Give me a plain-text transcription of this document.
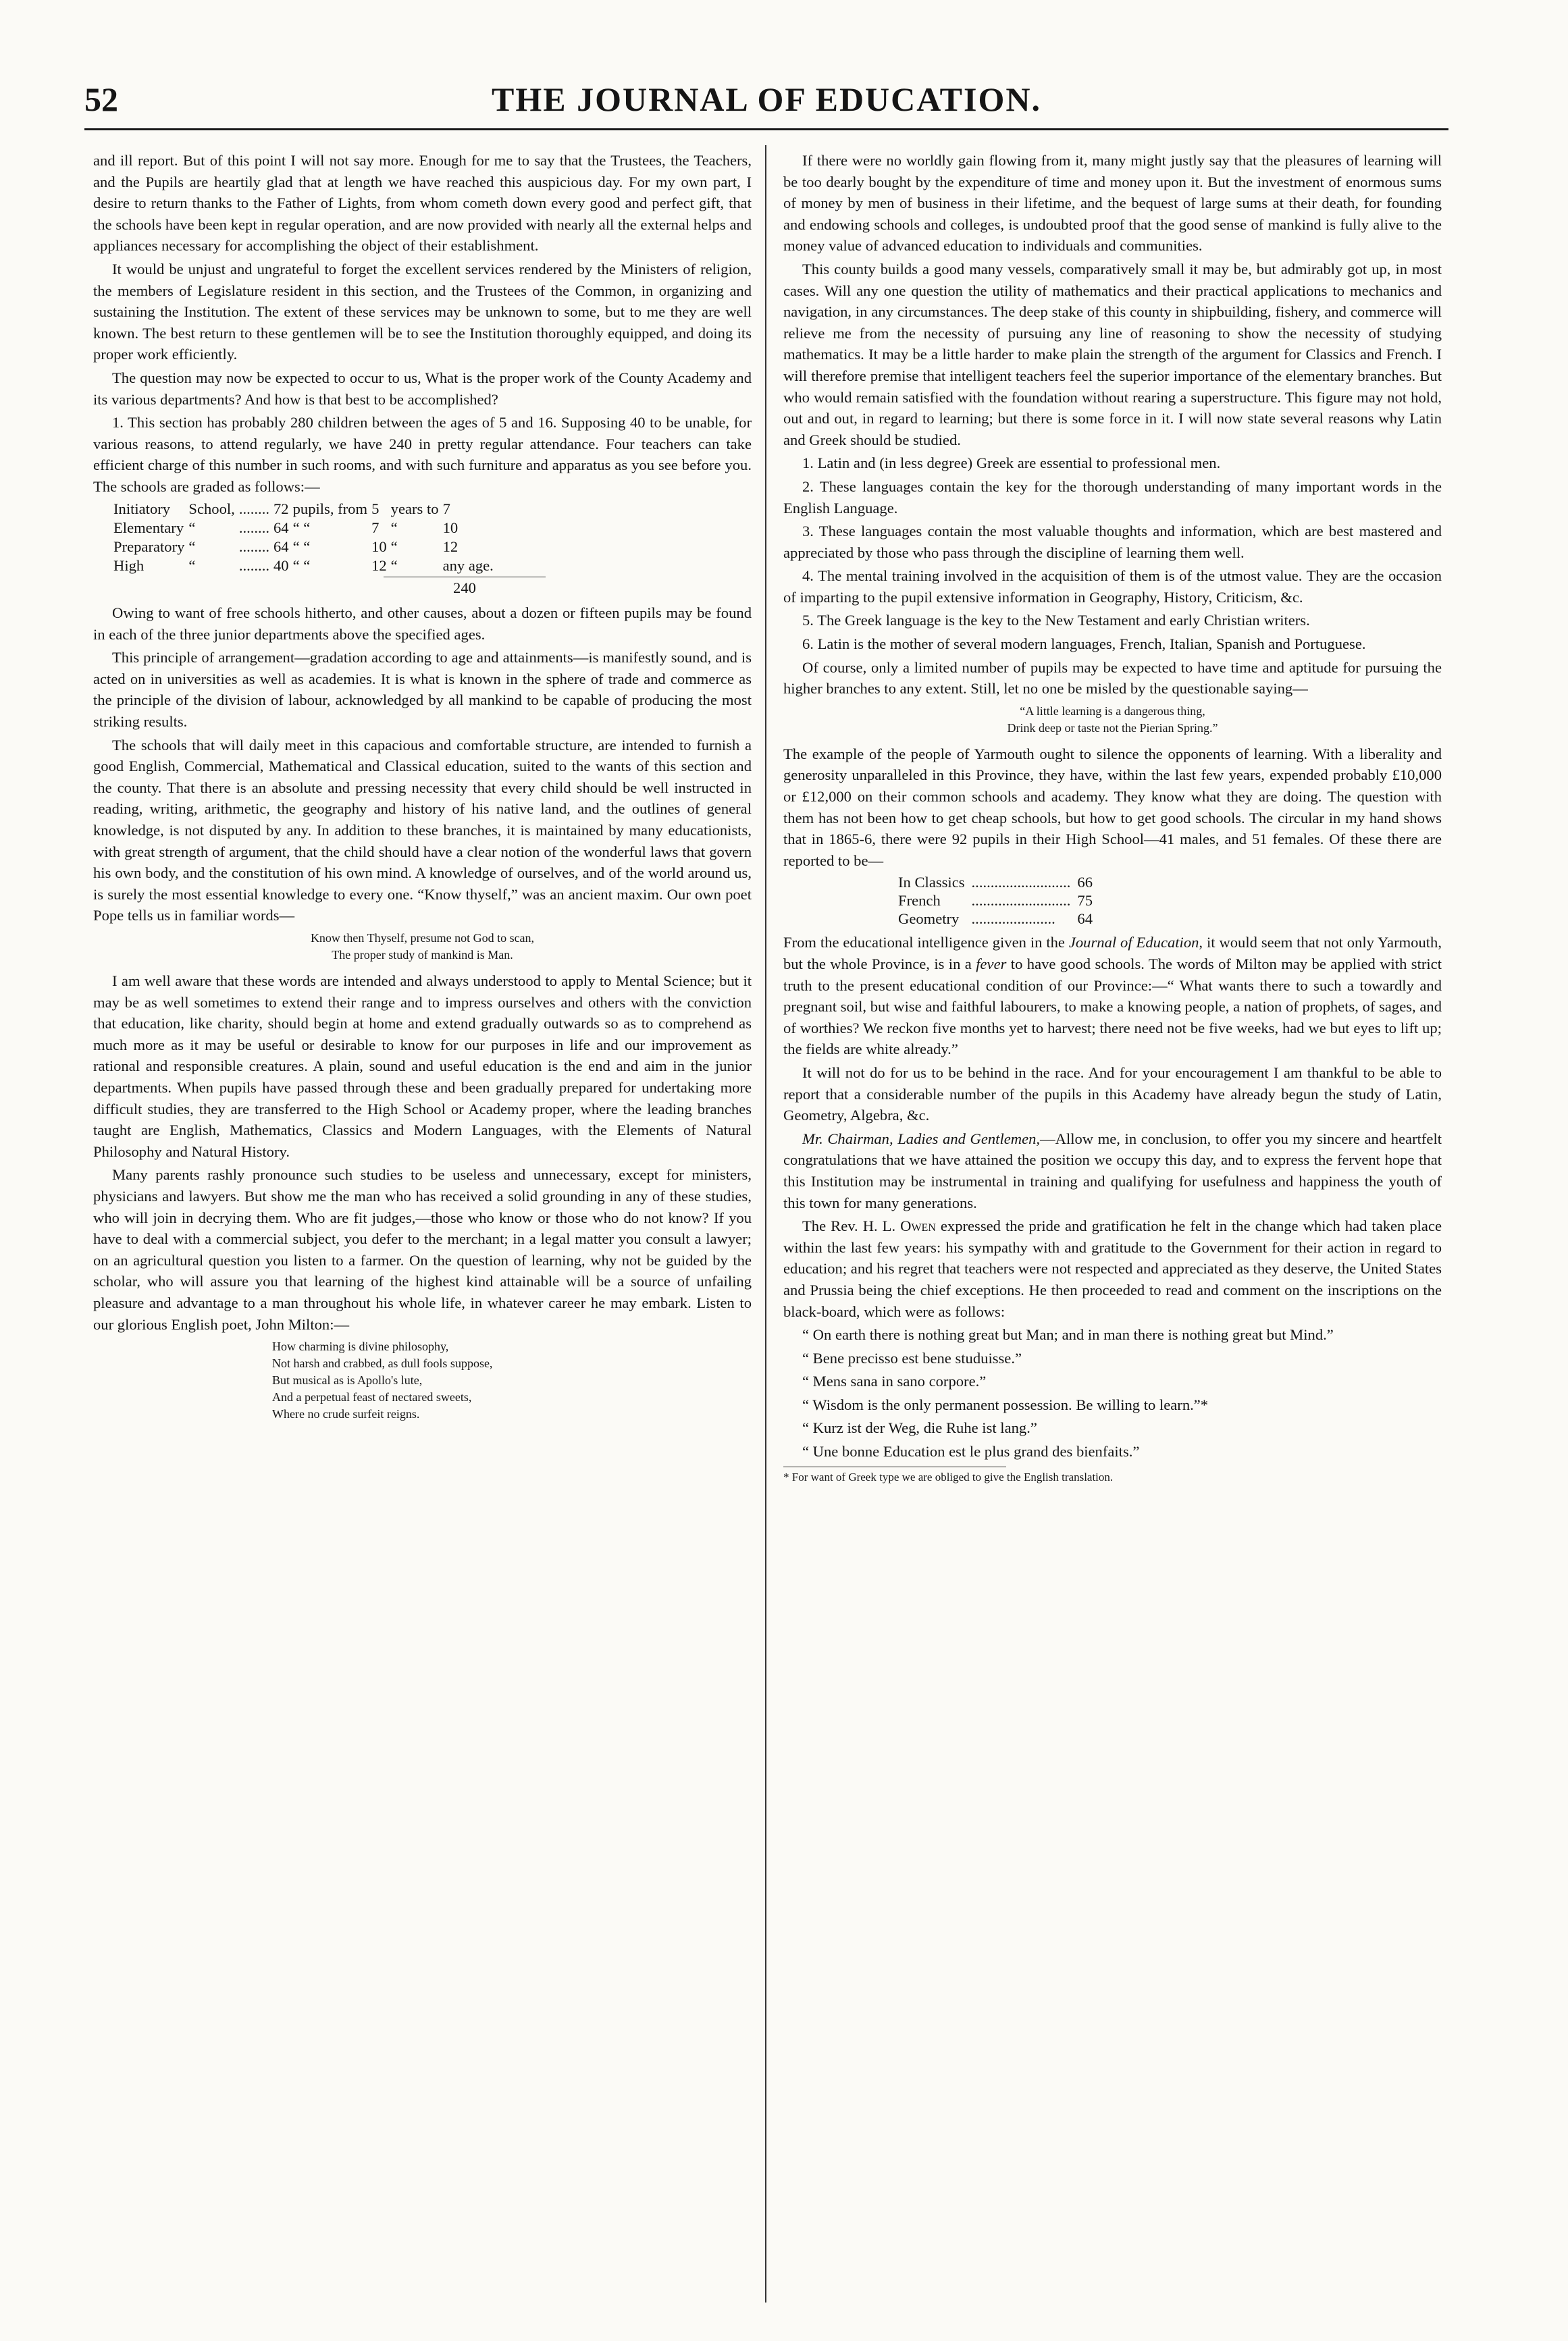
52	THE JOURNAL OF EDUCATION.

and ill report. But of this point I will not say more. Enough for me to say that the Trustees, the Teachers, and the Pupils are heartily glad that at length we have reached this auspicious day. For my own part, I desire to return thanks to the Father of Lights, from whom cometh down every good and perfect gift, that the schools have been kept in regular operation, and are now provided with nearly all the external helps and appliances necessary for accomplishing the object of their establishment.

It would be unjust and ungrateful to forget the excellent services rendered by the Ministers of religion, the members of Legislature resident in this section, and the Trustees of the Common, in organizing and sustaining the Institution. The extent of these services may be unknown to some, but to me they are well known. The best return to these gentlemen will be to see the Institution thoroughly equipped, and doing its proper work efficiently.

The question may now be expected to occur to us, What is the proper work of the County Academy and its various departments? And how is that best to be accomplished?

1. This section has probably 280 children between the ages of 5 and 16. Supposing 40 to be unable, for various reasons, to attend regularly, we have 240 in pretty regular attendance. Four teachers can take efficient charge of this number in such rooms, and with such furniture and apparatus as you see before you. The schools are graded as follows:—

Initiatory	School,	........	72	pupils, from	5	years to	7
Elementary	“	........	64	“ “	7	“	10
Preparatory	“	........	64	“ “	10	“	12
High	“	........	40	“ “	12	“	any age.
240

Owing to want of free schools hitherto, and other causes, about a dozen or fifteen pupils may be found in each of the three junior departments above the specified ages.

This principle of arrangement—gradation according to age and attainments—is manifestly sound, and is acted on in universities as well as academies. It is what is known in the sphere of trade and commerce as the principle of the division of labour, acknowledged by all mankind to be capable of producing the most striking results.

The schools that will daily meet in this capacious and comfortable structure, are intended to furnish a good English, Commercial, Mathematical and Classical education, suited to the wants of this section and the county. That there is an absolute and pressing necessity that every child should be well instructed in reading, writing, arithmetic, the geography and history of his native land, and the outlines of general knowledge, is not disputed by any. In addition to these branches, it is maintained by many educationists, with great strength of argument, that the child should have a clear notion of the wonderful laws that govern his own body, and the constitution of his own mind. A knowledge of ourselves, and of the world around us, is surely the most essential knowledge to every one. “Know thyself,” was an ancient maxim. Our own poet Pope tells us in familiar words—

Know then Thyself, presume not God to scan,
The proper study of mankind is Man.

I am well aware that these words are intended and always understood to apply to Mental Science; but it may be as well sometimes to extend their range and to impress ourselves and others with the conviction that education, like charity, should begin at home and extend gradually outwards so as to comprehend as much more as it may be useful or desirable to know for our purposes in life and our improvement as rational and responsible creatures. A plain, sound and useful education is the end and aim in the junior departments. When pupils have passed through these and been gradually prepared for undertaking more difficult studies, they are transferred to the High School or Academy proper, where the leading branches taught are English, Mathematics, Classics and Modern Languages, with the Elements of Natural Philosophy and Natural History.

Many parents rashly pronounce such studies to be useless and unnecessary, except for ministers, physicians and lawyers. But show me the man who has received a solid grounding in any of these studies, who will join in decrying them. Who are fit judges,—those who know or those who do not know? If you have to deal with a commercial subject, you defer to the merchant; in a legal matter you consult a lawyer; on an agricultural question you listen to a farmer. On the question of learning, why not be guided by the scholar, who will assure you that learning of the highest kind attainable will be a source of unfailing pleasure and advantage to a man throughout his whole life, in whatever career he may embark. Listen to our glorious English poet, John Milton:—

How charming is divine philosophy,
Not harsh and crabbed, as dull fools suppose,
But musical as is Apollo's lute,
And a perpetual feast of nectared sweets,
Where no crude surfeit reigns.

If there were no worldly gain flowing from it, many might justly say that the pleasures of learning will be too dearly bought by the expenditure of time and money upon it. But the investment of enormous sums of money by men of business in their lifetime, and the bequest of large sums at their death, for founding and endowing schools and colleges, is undoubted proof that the good sense of mankind is fully alive to the money value of advanced education to individuals and communities.

This county builds a good many vessels, comparatively small it may be, but admirably got up, in most cases. Will any one question the utility of mathematics and their practical applications to mechanics and navigation, in any circumstances. The deep stake of this county in shipbuilding, fishery, and commerce will relieve me from the necessity of pursuing any line of reasoning to show the necessity of studying mathematics. It may be a little harder to make plain the strength of the argument for Classics and French. I will therefore premise that intelligent teachers feel the superior importance of the elementary branches. But who would remain satisfied with the foundation without rearing a superstructure. This figure may not hold, out and out, in regard to learning; but there is some force in it. I will now state several reasons why Latin and Greek should be studied.

1. Latin and (in less degree) Greek are essential to professional men.

2. These languages contain the key for the thorough understanding of many important words in the English Language.

3. These languages contain the most valuable thoughts and information, which are best mastered and appreciated by those who pass through the discipline of learning them well.

4. The mental training involved in the acquisition of them is of the utmost value. They are the occasion of imparting to the pupil extensive information in Geography, History, Criticism, &c.

5. The Greek language is the key to the New Testament and early Christian writers.

6. Latin is the mother of several modern languages, French, Italian, Spanish and Portuguese.

Of course, only a limited number of pupils may be expected to have time and aptitude for pursuing the higher branches to any extent. Still, let no one be misled by the questionable saying—

“A little learning is a dangerous thing,
Drink deep or taste not the Pierian Spring.”

The example of the people of Yarmouth ought to silence the opponents of learning. With a liberality and generosity unparalleled in this Province, they have, within the last few years, expended probably £10,000 or £12,000 on their common schools and academy. They know what they are doing. The question with them has not been how to get cheap schools, but how to get good schools. The circular in my hand shows that in 1865-6, there were 92 pupils in their High School—41 males, and 51 females. Of these there are reported to be—

In Classics	..........................	66
French	..........................	75
Geometry	......................	64

From the educational intelligence given in the Journal of Education, it would seem that not only Yarmouth, but the whole Province, is in a fever to have good schools. The words of Milton may be applied with strict truth to the present educational condition of our Province:—“ What wants there to such a towardly and pregnant soil, but wise and faithful labourers, to make a knowing people, a nation of prophets, of sages, and of worthies? We reckon five months yet to harvest; there need not be five weeks, had we but eyes to lift up; the fields are white already.”

It will not do for us to be behind in the race. And for your encouragement I am thankful to be able to report that a considerable number of the pupils in this Academy have already begun the study of Latin, Geometry, Algebra, &c.

Mr. Chairman, Ladies and Gentlemen,—Allow me, in conclusion, to offer you my sincere and heartfelt congratulations that we have attained the position we occupy this day, and to express the fervent hope that this Institution may be instrumental in training and qualifying for usefulness and happiness the youth of this town for many generations.

The Rev. H. L. Owen expressed the pride and gratification he felt in the change which had taken place within the last few years: his sympathy with and gratitude to the Government for their action in regard to education; and his regret that teachers were not respected and appreciated as they deserve, the United States and Prussia being the chief exceptions. He then proceeded to read and comment on the inscriptions on the black-board, which were as follows:

“ On earth there is nothing great but Man; and in man there is nothing great but Mind.”

“ Bene precisso est bene studuisse.”

“ Mens sana in sano corpore.”

“ Wisdom is the only permanent possession. Be willing to learn.”*

“ Kurz ist der Weg, die Ruhe ist lang.”

“ Une bonne Education est le plus grand des bienfaits.”

* For want of Greek type we are obliged to give the English translation.
